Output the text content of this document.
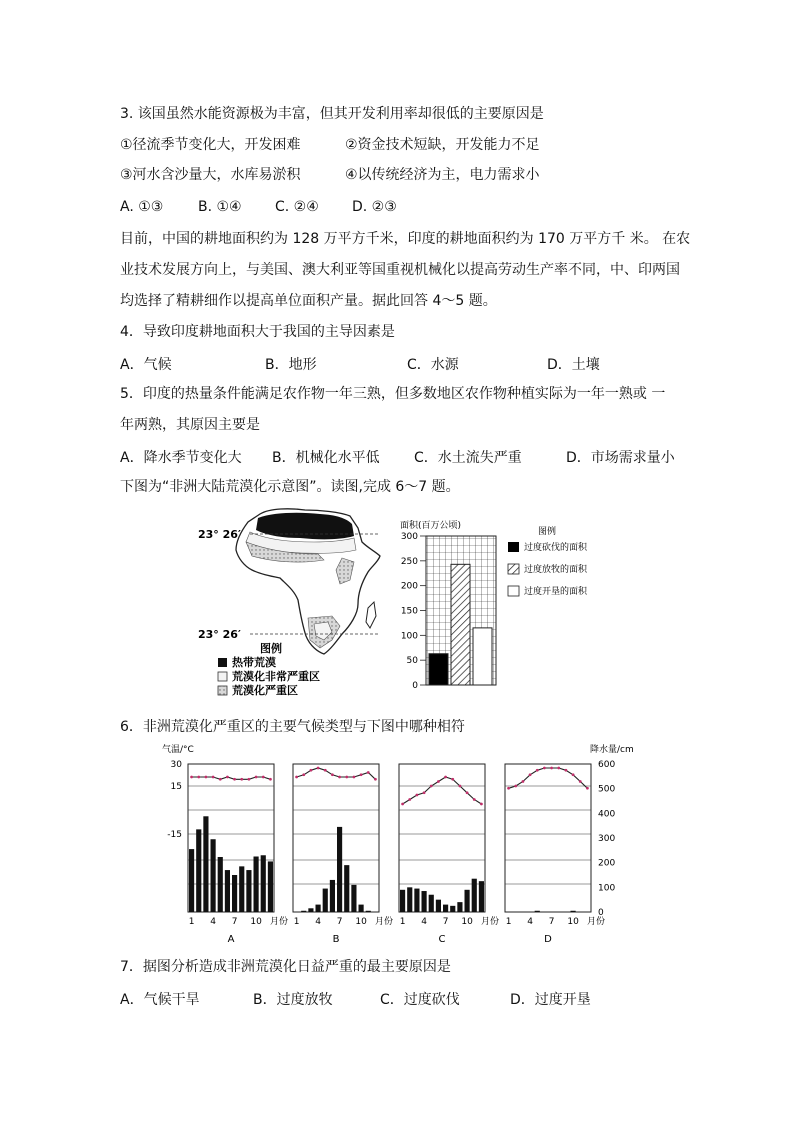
3. 该国虽然水能资源极为丰富，但其开发利用率却很低的主要原因是
①径流季节变化大，开发困难	②资金技术短缺，开发能力不足
③河水含沙量大，水库易淤积	④以传统经济为主，电力需求小
A. ①③ B. ①④ C. ②④ D. ②③
目前，中国的耕地面积约为 128 万平方千米，印度的耕地面积约为 170 万平方千 米。 在农
业技术发展方向上，与美国、澳大利亚等国重视机械化以提高劳动生产率不同，中、印两国
均选择了精耕细作以提高单位面积产量。据此回答 4～5 题。
4．导致印度耕地面积大于我国的主导因素是
A．气候	B．地形	C．水源	D．土壤
5．印度的热量条件能满足农作物一年三熟，但多数地区农作物种植实际为一年一熟或 一
年两熟，其原因主要是
A．降水季节变化大 B．机械化水平低 C．水土流失严重	D．市场需求量小
下图为“非洲大陆荒漠化示意图”。读图,完成 6～7 题。
23° 26′
23° 26′
图例
热带荒漠
荒漠化非常严重区
荒漠化严重区
面积(百万公顷)
0
50
100
150
200
250
300	图例
过度砍伐的面积
过度放牧的面积
过度开垦的面积
6．非洲荒漠化严重区的主要气候类型与下图中哪种相符
气温/°C	降水量/cm
30
15
-15
0
100
200
300
400
500
600
1 4 7 10 月份
A
1 4 7 10 月份
B
1 4 7 10 月份
C
1 4 7 10 月份
D
7．据图分析造成非洲荒漠化日益严重的最主要原因是
A．气候干旱	B．过度放牧	C．过度砍伐	D．过度开垦
